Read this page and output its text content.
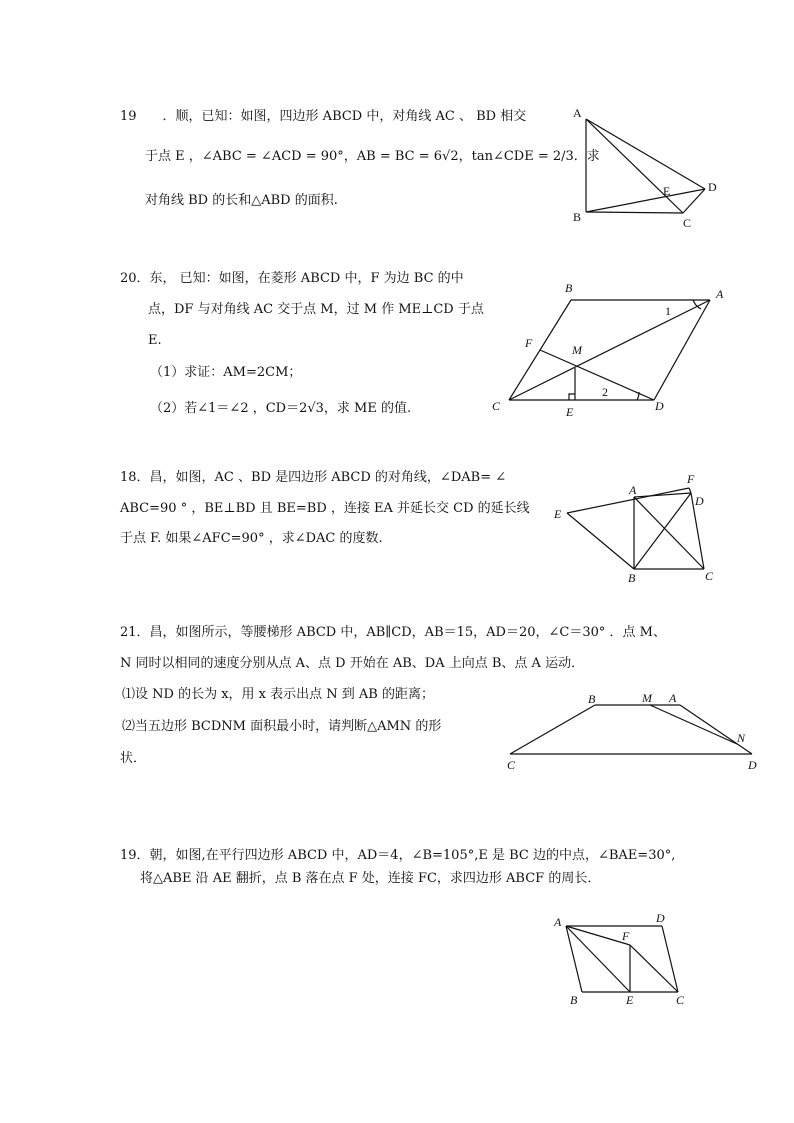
19　　．顺，已知：如图，四边形 ABCD 中，对角线 AC 、 BD 相交
于点 E ，∠ABC = ∠ACD = 90°，AB = BC = 6√2，tan∠CDE = 2/3．求
对角线 BD 的长和△ABD 的面积.
A
B	C
D
E
20．东， 已知：如图，在菱形 ABCD 中，F 为边 BC 的中
点，DF 与对角线 AC 交于点 M，过 M 作 ME⊥CD 于点
E.
（1）求证：AM=2CM；
（2）若∠1＝∠2 ，CD＝2√3，求 ME 的值.
B	A
F	M
1
2
C	E	D
18．昌，如图，AC 、BD 是四边形 ABCD 的对角线，∠DAB= ∠
ABC=90 ° ，BE⊥BD 且 BE=BD ，连接 EA 并延长交 CD 的延长线
于点 F. 如果∠AFC=90° ，求∠DAC 的度数.
F
A
D
E
B	C
21．昌，如图所示，等腰梯形 ABCD 中，AB∥CD，AB＝15，AD＝20，∠C＝30° ．点 M、
N 同时以相同的速度分别从点 A、点 D 开始在 AB、DA 上向点 B、点 A 运动．
⑴设 ND 的长为 x，用 x 表示出点 N 到 AB 的距离；
⑵当五边形 BCDNM 面积最小时，请判断△AMN 的形
状．
B	M A
N
C	D
19．朝，如图,在平行四边形 ABCD 中，AD＝4，∠B=105°,E 是 BC 边的中点，∠BAE=30°,
将△ABE 沿 AE 翻折，点 B 落在点 F 处，连接 FC，求四边形 ABCF 的周长．
A	D
F
B	E	C
